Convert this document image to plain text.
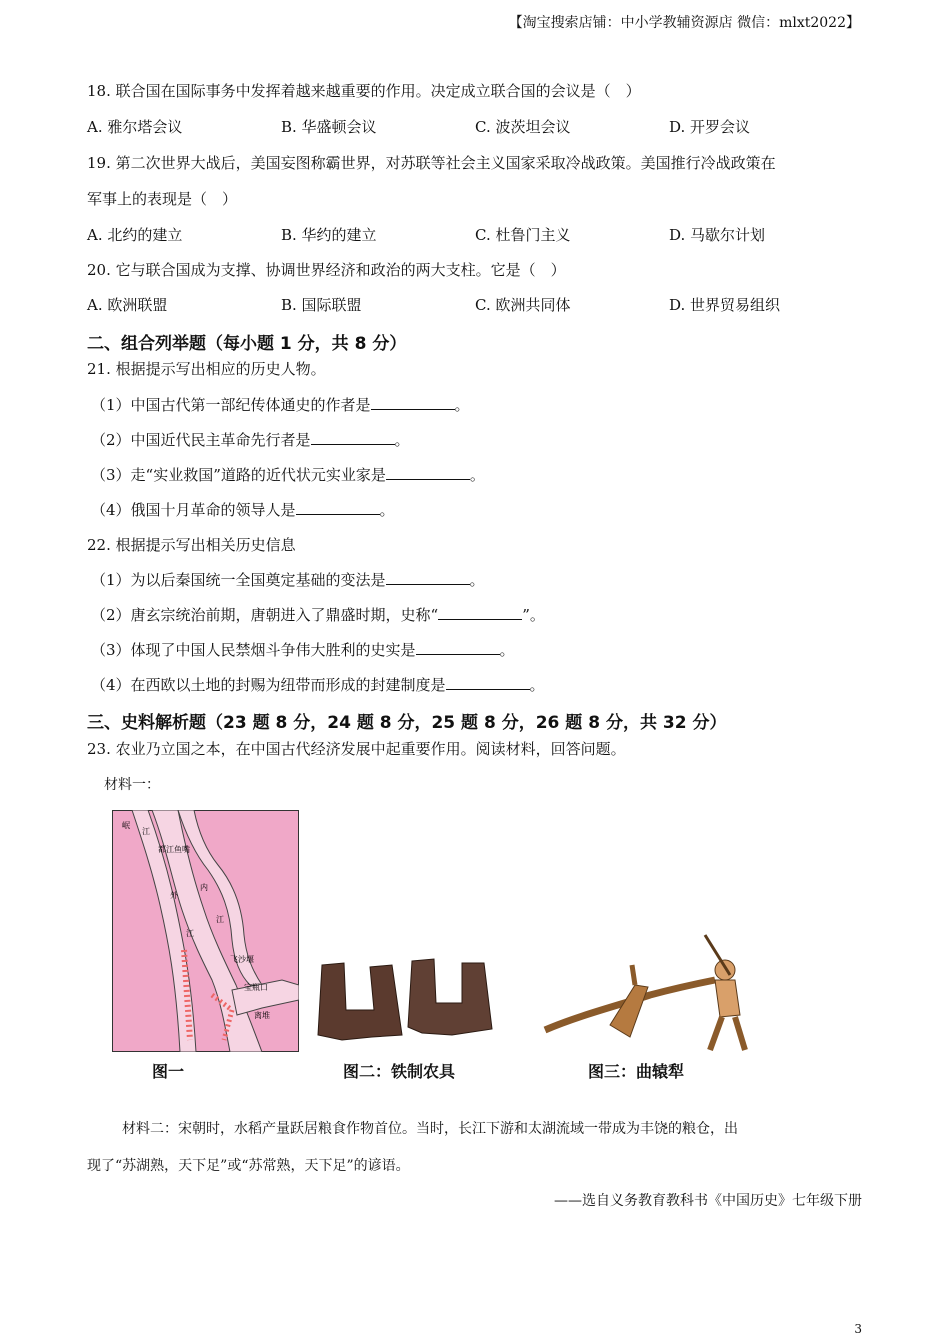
【淘宝搜索店铺：中小学教辅资源店 微信：mlxt2022】
18. 联合国在国际事务中发挥着越来越重要的作用。决定成立联合国的会议是（　）
A. 雅尔塔会议	B. 华盛顿会议	C. 波茨坦会议	D. 开罗会议
19. 第二次世界大战后，美国妄图称霸世界，对苏联等社会主义国家采取冷战政策。美国推行冷战政策在
军事上的表现是（　）
A. 北约的建立	B. 华约的建立	C. 杜鲁门主义	D. 马歇尔计划
20. 它与联合国成为支撑、协调世界经济和政治的两大支柱。它是（　）
A. 欧洲联盟	B. 国际联盟	C. 欧洲共同体	D. 世界贸易组织
二、组合列举题（每小题 1 分，共 8 分）
21. 根据提示写出相应的历史人物。
（1）中国古代第一部纪传体通史的作者是	。
（2）中国近代民主革命先行者是	。
（3）走“实业救国”道路的近代状元实业家是	。
（4）俄国十月革命的领导人是	。
22. 根据提示写出相关历史信息
（1）为以后秦国统一全国奠定基础的变法是	。
（2）唐玄宗统治前期，唐朝进入了鼎盛时期，史称“	”。
（3）体现了中国人民禁烟斗争伟大胜利的史实是	。
（4）在西欧以土地的封赐为纽带而形成的封建制度是	。
三、史料解析题（23 题 8 分，24 题 8 分，25 题 8 分，26 题 8 分，共 32 分）
23. 农业乃立国之本，在中国古代经济发展中起重要作用。阅读材料，回答问题。
材料一：
岷
江
都江鱼嘴
外
内
江
江
飞沙堰
宝瓶口
离堆
图一	图二：铁制农具	图三：曲辕犁
材料二：宋朝时，水稻产量跃居粮食作物首位。当时，长江下游和太湖流域一带成为丰饶的粮仓，出
现了“苏湖熟，天下足”或“苏常熟，天下足”的谚语。
——选自义务教育教科书《中国历史》七年级下册
3
